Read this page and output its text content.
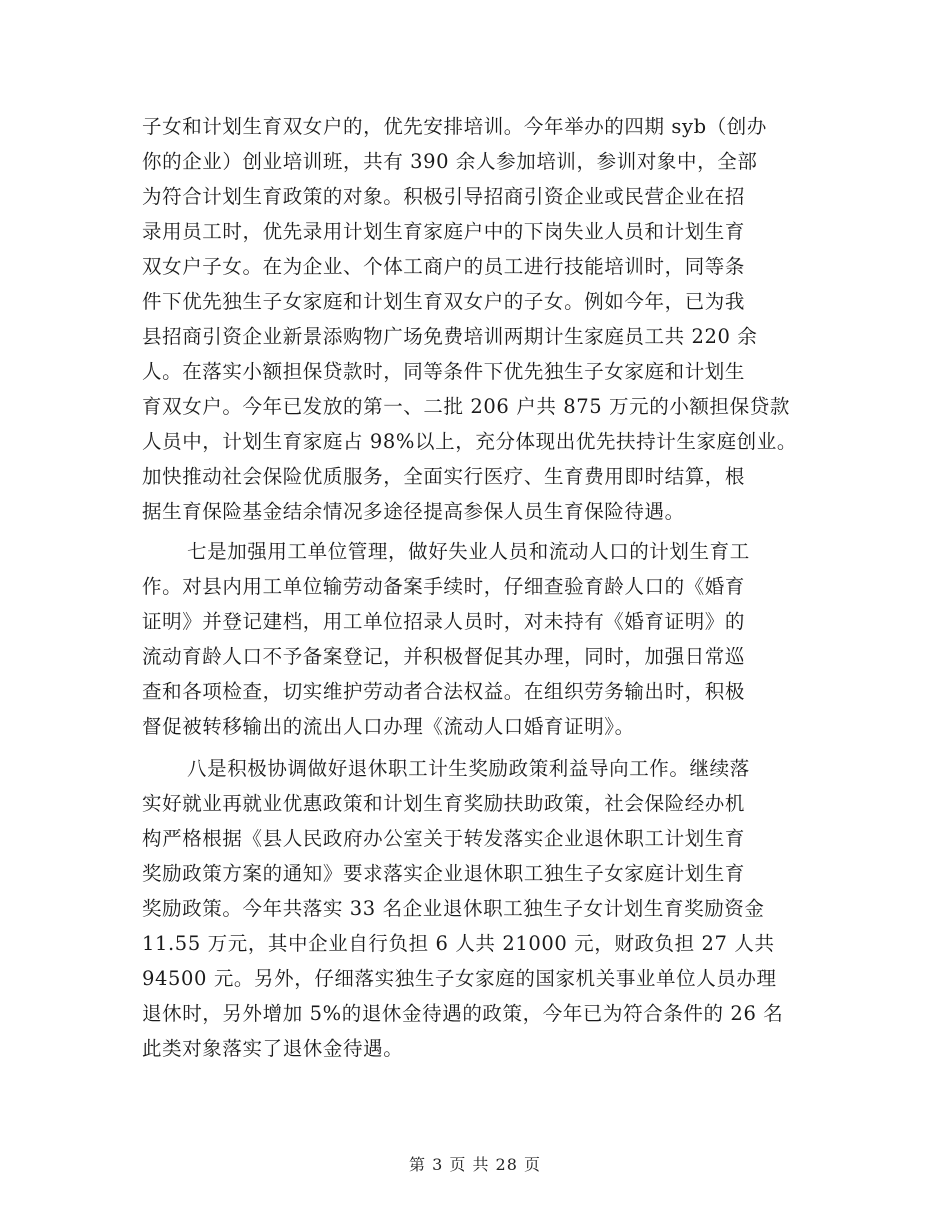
子女和计划生育双女户的，优先安排培训。今年举办的四期 syb（创办
你的企业）创业培训班，共有 390 余人参加培训，参训对象中，全部
为符合计划生育政策的对象。积极引导招商引资企业或民营企业在招
录用员工时，优先录用计划生育家庭户中的下岗失业人员和计划生育
双女户子女。在为企业、个体工商户的员工进行技能培训时，同等条
件下优先独生子女家庭和计划生育双女户的子女。例如今年，已为我
县招商引资企业新景添购物广场免费培训两期计生家庭员工共 220 余
人。在落实小额担保贷款时，同等条件下优先独生子女家庭和计划生
育双女户。今年已发放的第一、二批 206 户共 875 万元的小额担保贷款
人员中，计划生育家庭占 98%以上，充分体现出优先扶持计生家庭创业。
加快推动社会保险优质服务，全面实行医疗、生育费用即时结算，根
据生育保险基金结余情况多途径提高参保人员生育保险待遇。
七是加强用工单位管理，做好失业人员和流动人口的计划生育工
作。对县内用工单位输劳动备案手续时，仔细查验育龄人口的《婚育
证明》并登记建档，用工单位招录人员时，对未持有《婚育证明》的
流动育龄人口不予备案登记，并积极督促其办理，同时，加强日常巡
查和各项检查，切实维护劳动者合法权益。在组织劳务输出时，积极
督促被转移输出的流出人口办理《流动人口婚育证明》。
八是积极协调做好退休职工计生奖励政策利益导向工作。继续落
实好就业再就业优惠政策和计划生育奖励扶助政策，社会保险经办机
构严格根据《县人民政府办公室关于转发落实企业退休职工计划生育
奖励政策方案的通知》要求落实企业退休职工独生子女家庭计划生育
奖励政策。今年共落实 33 名企业退休职工独生子女计划生育奖励资金
11.55 万元，其中企业自行负担 6 人共 21000 元，财政负担 27 人共
94500 元。另外，仔细落实独生子女家庭的国家机关事业单位人员办理
退休时，另外增加 5%的退休金待遇的政策，今年已为符合条件的 26 名
此类对象落实了退休金待遇。
第 3 页 共 28 页
